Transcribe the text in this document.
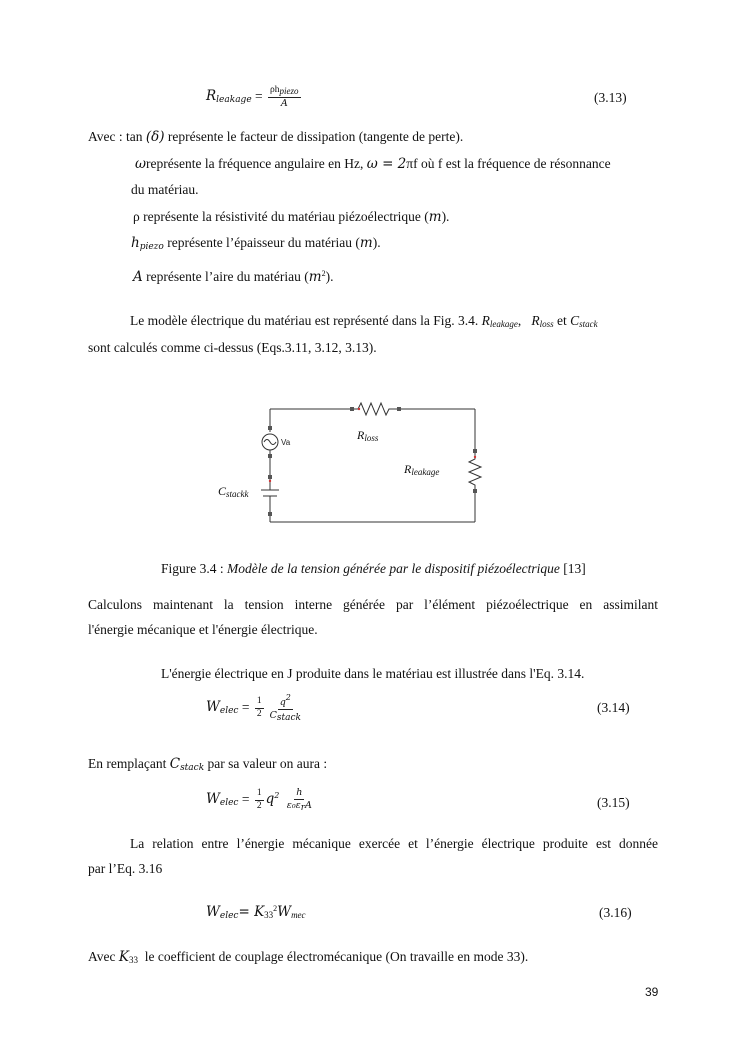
$R_{leakage} = \frac{\text{ρhpiezo}}{A}$	(3.13)
Avec : tan (δ) représente le facteur de dissipation (tangente de perte).
ωreprésente la fréquence angulaire en Hz, ω = 2πf où f est la fréquence de résonnance
du matériau.
ρ représente la résistivité du matériau piézoélectrique (m).
$h_{piezo}$ représente l’épaisseur du matériau (m).
A représente l’aire du matériau $(m^2)$.
Le modèle électrique du matériau est représenté dans la Fig. 3.4. $R_{leakage}$, $R_{loss}$ et $C_{stack}$
sont calculés comme ci-dessus (Eqs.3.11, 3.12, 3.13).
Va
$R_{loss}$
$R_{leakage}$
$C_{stackk}$
Figure 3.4 : Modèle de la tension générée par le dispositif piézoélectrique [13]
Calculons maintenant la tension interne générée par l’élément piézoélectrique en assimilant
l'énergie mécanique et l'énergie électrique.
L'énergie électrique en J produite dans le matériau est illustrée dans l'Eq. 3.14.
$W_{elec} = \frac{1}{2} \frac{q^2}{\text{Cstack}}$	(3.14)
En remplaçant $C_{stack}$ par sa valeur on aura :
$W_{elec} = \frac{1}{2} q^2 \frac{h}{\text{ε₀εrA}}$	(3.15)
La relation entre l’énergie mécanique exercée et l’énergie électrique produite est donnée
par l’Eq. 3.16
$W_{elec}= K_{33}^2W_{mec}$	(3.16)
Avec $K_{33}$ le coefficient de couplage électromécanique (On travaille en mode 33).
39
